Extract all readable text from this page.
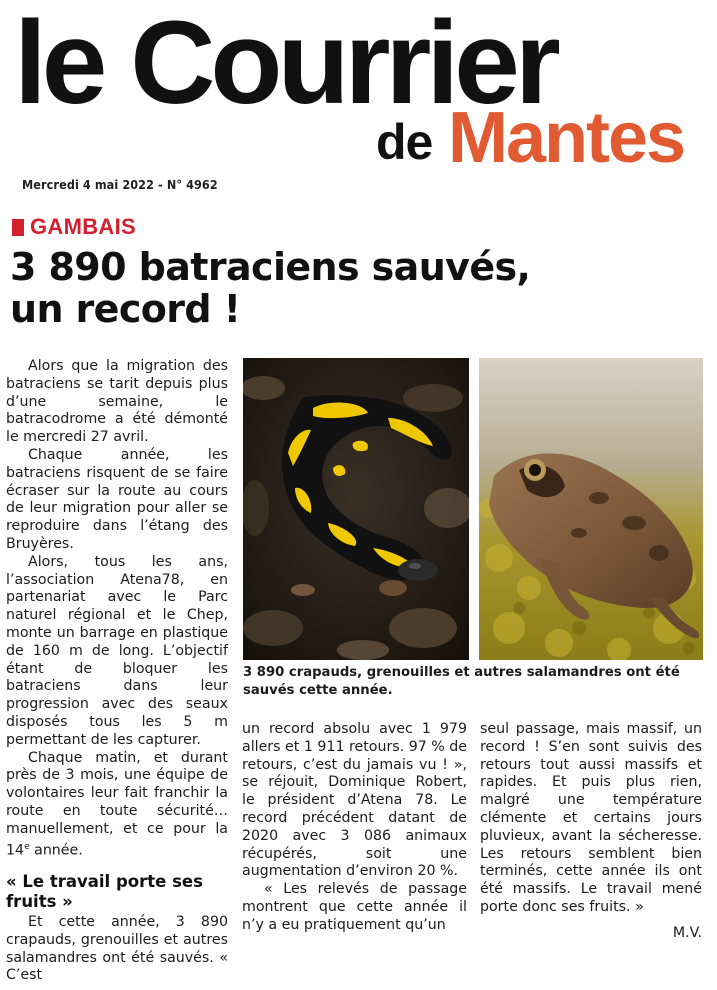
le Courrier
de Mantes
Mercredi 4 mai 2022 - N° 4962
GAMBAIS
3 890 batraciens sauvés,
un record !

Alors que la migration des batraciens se tarit depuis plus d’une semaine, le batracodrome a été démonté le mercredi 27 avril.

Chaque année, les batraciens risquent de se faire écraser sur la route au cours de leur migration pour aller se reproduire dans l’étang des Bruyères.

Alors, tous les ans, l’association Atena78, en partenariat avec le Parc naturel régional et le Chep, monte un barrage en plastique de 160 m de long. L’objectif étant de bloquer les batraciens dans leur progression avec des seaux disposés tous les 5 m permettant de les capturer.

Chaque matin, et durant près de 3 mois, une équipe de volontaires leur fait franchir la route en toute sécurité… manuellement, et ce pour la 14e année.

« Le travail porte ses fruits »

Et cette année, 3 890 crapauds, grenouilles et autres salamandres ont été sauvés. « C’est

3 890 crapauds, grenouilles et autres salamandres ont été sauvés cette année.

un record absolu avec 1 979 allers et 1 911 retours. 97 % de retours, c’est du jamais vu ! », se réjouit, Dominique Robert, le président d’Atena 78. Le record précédent datant de 2020 avec 3 086 animaux récupérés, soit une augmentation d’environ 20 %.

« Les relevés de passage montrent que cette année il n’y a eu pratiquement qu’un

seul passage, mais massif, un record ! S’en sont suivis des retours tout aussi massifs et rapides. Et puis plus rien, malgré une température clémente et certains jours pluvieux, avant la sécheresse. Les retours semblent bien terminés, cette année ils ont été massifs. Le travail mené porte donc ses fruits. »

M.V.
